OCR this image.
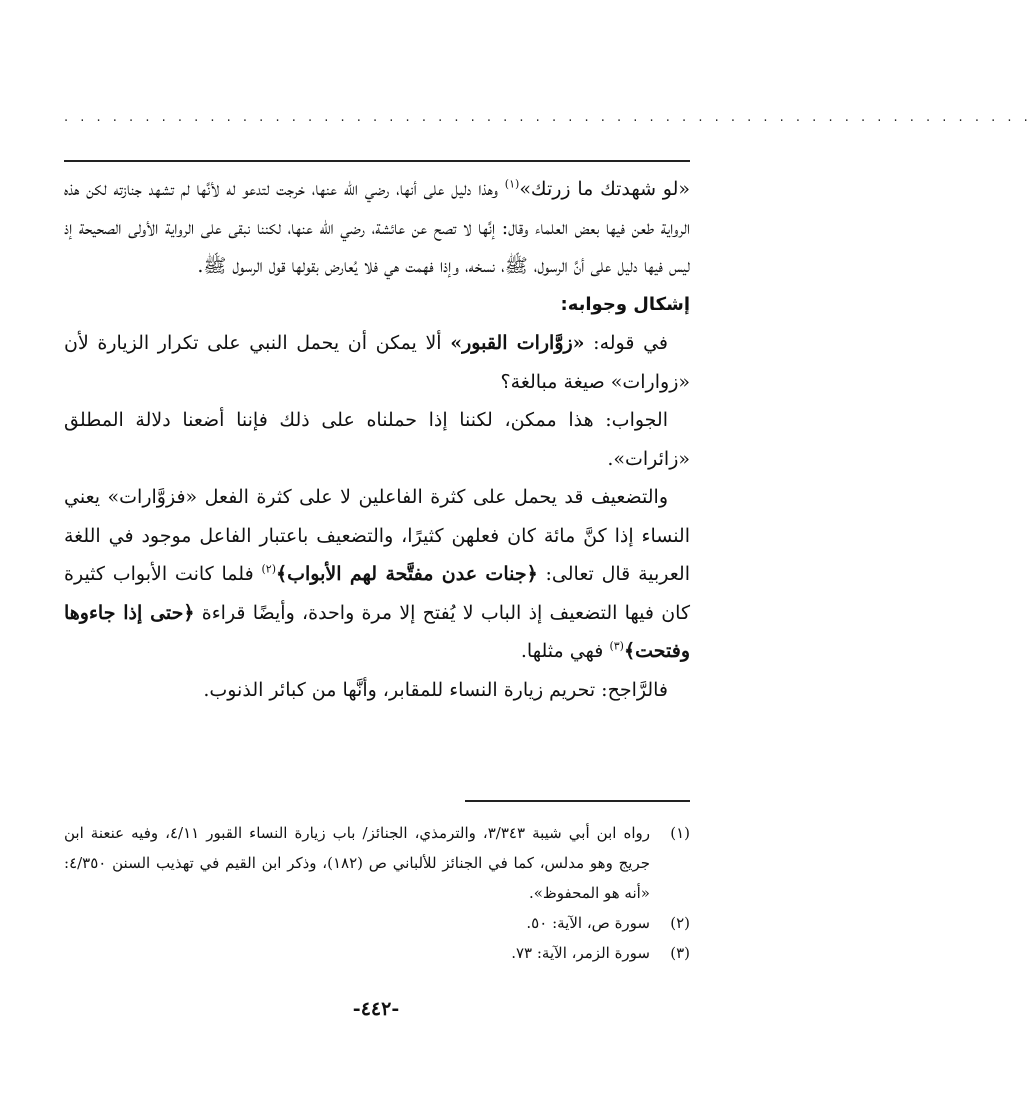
. . . . . . . . . . . . . . . . . . . . . . . . . . . . . . . . . . . . . . . . . . . . . . . . . . . . . . . . . . . .

«لو شهدتك ما زرتك»$^{(١)}$ وهذا دليل على أنها، رضي الله عنها، خرجت لتدعو له لأنَّها لم تشهد جنازته لكن هذه الرواية طعن فيها بعض العلماء وقال: إنَّها لا تصح عن عائشة، رضي الله عنها، لكننا نبقى على الرواية الأولى الصحيحة إذ ليس فيها دليل على أنَّ الرسول، ﷺ، نسخه، وإذا فهمت هي فلا يُعارض بقولها قول الرسول ﷺ.

إشكال وجوابه:

في قوله: «زوَّارات القبور» ألا يمكن أن يحمل النبي على تكرار الزيارة لأن «زوارات» صيغة مبالغة؟

الجواب: هذا ممكن، لكننا إذا حملناه على ذلك فإننا أضعنا دلالة المطلق «زائرات».

والتضعيف قد يحمل على كثرة الفاعلين لا على كثرة الفعل «فزوَّارات» يعني النساء إذا كنَّ مائة كان فعلهن كثيرًا، والتضعيف باعتبار الفاعل موجود في اللغة العربية قال تعالى: ﴿جنات عدن مفتَّحة لهم الأبواب﴾$^{(٢)}$ فلما كانت الأبواب كثيرة كان فيها التضعيف إذ الباب لا يُفتح إلا مرة واحدة، وأيضًا قراءة ﴿حتى إذا جاءوها وفتحت﴾$^{(٣)}$ فهي مثلها.

فالرَّاجح: تحريم زيارة النساء للمقابر، وأنَّها من كبائر الذنوب.

(١)
رواه ابن أبي شيبة ٣/٣٤٣، والترمذي، الجنائز/ باب زيارة النساء القبور ٤/١١، وفيه عنعنة ابن جريج وهو مدلس، كما في الجنائز للألباني ص (١٨٢)، وذكر ابن القيم في تهذيب السنن ٤/٣٥٠: «أنه هو المحفوظ».

(٢)
سورة ص، الآية: ٥٠.

(٣)
سورة الزمر، الآية: ٧٣.

-٤٤٢-
